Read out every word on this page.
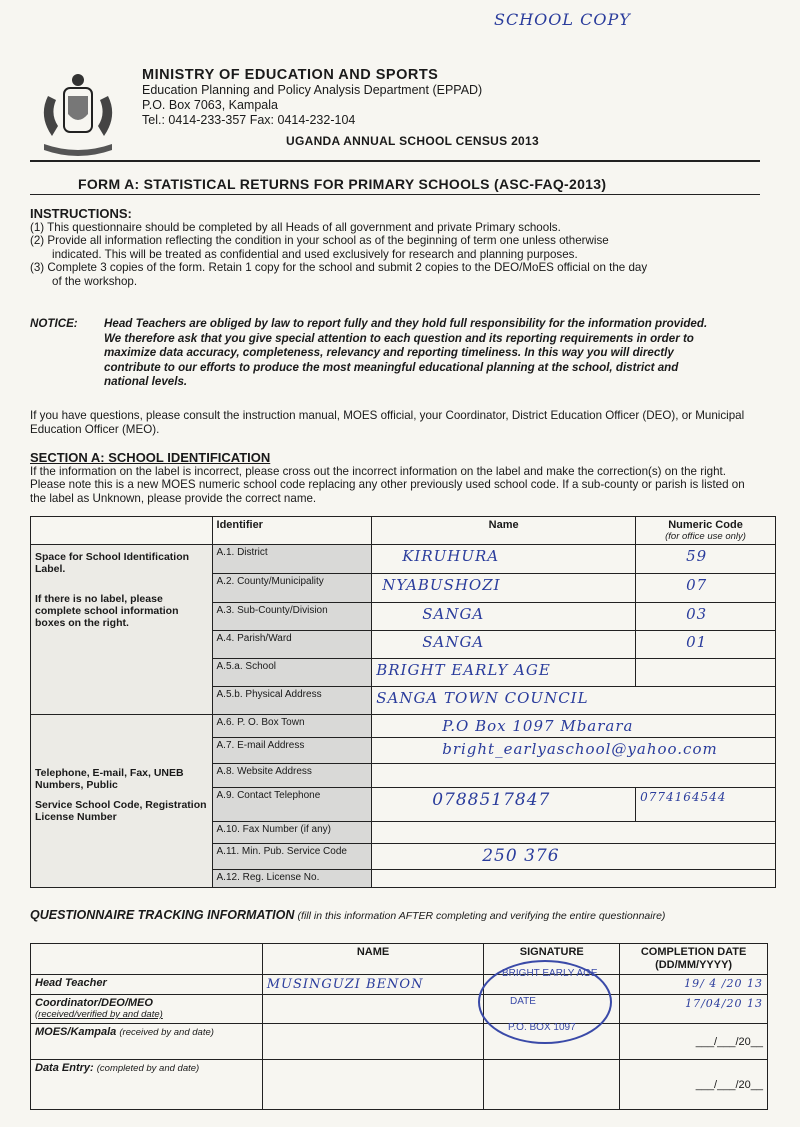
SCHOOL COPY
MINISTRY OF EDUCATION AND SPORTS
Education Planning and Policy Analysis Department (EPPAD)
P.O. Box 7063, Kampala
Tel.: 0414-233-357 Fax: 0414-232-104
UGANDA ANNUAL SCHOOL CENSUS 2013
FORM A: STATISTICAL RETURNS FOR PRIMARY SCHOOLS (ASC-FAQ-2013)
INSTRUCTIONS:

(1) This questionnaire should be completed by all Heads of all government and private Primary schools.

(2) Provide all information reflecting the condition in your school as of the beginning of term one unless otherwise

indicated. This will be treated as confidential and used exclusively for research and planning purposes.

(3) Complete 3 copies of the form. Retain 1 copy for the school and submit 2 copies to the DEO/MoES official on the day

of the workshop.

NOTICE: Head Teachers are obliged by law to report fully and they hold full responsibility for the information provided. We therefore ask that you give special attention to each question and its reporting requirements in order to maximize data accuracy, completeness, relevancy and reporting timeliness. In this way you will directly contribute to our efforts to produce the most meaningful educational planning at the school, district and national levels.
If you have questions, please consult the instruction manual, MOES official, your Coordinator, District Education Officer (DEO), or Municipal Education Officer (MEO).
SECTION A: SCHOOL IDENTIFICATION
If the information on the label is incorrect, please cross out the incorrect information on the label and make the correction(s) on the right. Please note this is a new MOES numeric school code replacing any other previously used school code. If a sub-county or parish is listed on the label as Unknown, please provide the correct name.
	Identifier	Name	Numeric Code
(for office use only)

Space for School Identification Label.
If there is no label, please complete school information boxes on the right.	A.1. District	KIRUHURA	59
	A.2. County/Municipality	NYABUSHOZI	07
	A.3. Sub-County/Division	SANGA	03
	A.4. Parish/Ward	SANGA	01
	A.5.a. School	BRIGHT EARLY AGE	
	A.5.b. Physical Address	SANGA TOWN COUNCIL	

Telephone, E-mail, Fax, UNEB Numbers, Public
Service School Code, Registration License Number	A.6. P. O. Box Town	P.O Box 1097 Mbarara	
	A.7. E-mail Address	bright_earlyaschool@yahoo.com	
	A.8. Website Address		
	A.9. Contact Telephone	0788517847	0774164544
	A.10. Fax Number (if any)		
	A.11. Min. Pub. Service Code	250 376	
	A.12. Reg. License No.		
QUESTIONNAIRE TRACKING INFORMATION (fill in this information AFTER completing and verifying the entire questionnaire)
	NAME	SIGNATURE	COMPLETION DATE
(DD/MM/YYYY)

Head Teacher	MUSINGUZI BENON		19/ 4 /20 13

Coordinator/DEO/MEO
(received/verified by and date)			17/04/20 13
MOES/Kampala (received by and date)			___/___/20__
Data Entry: (completed by and date)			___/___/20__
BRIGHT EARLY AGE
DATE
P.O. BOX 1097
